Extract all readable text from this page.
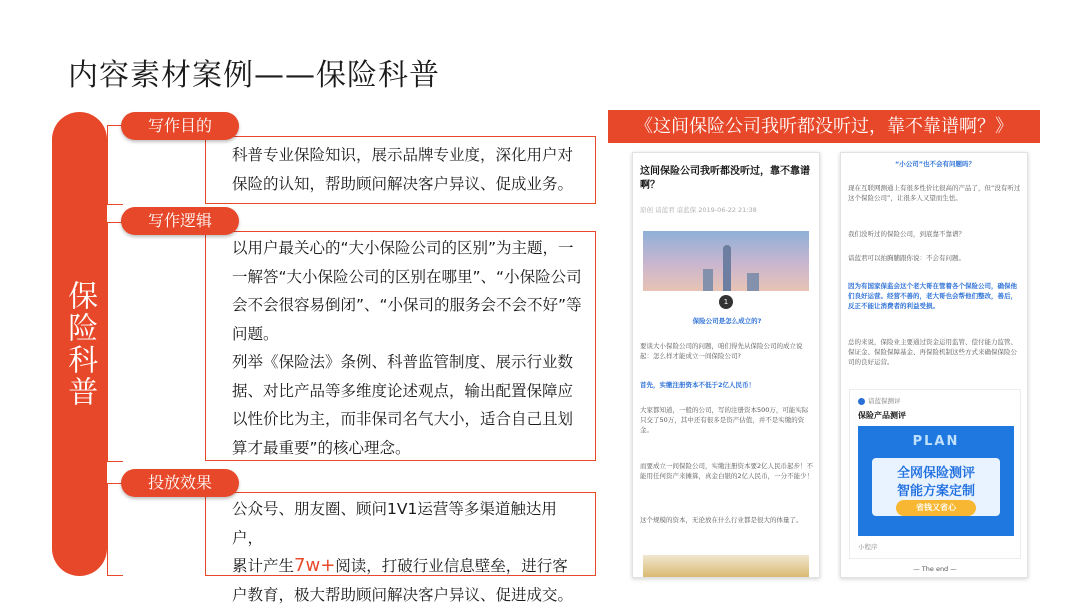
内容素材案例——保险科普
保险科普

科普专业保险知识，展示品牌专业度，深化用户对保险的认知，帮助顾问解决客户异议、促成业务。

写作目的

以用户最关心的“大小保险公司的区别”为主题，一一解答“大小保险公司的区别在哪里”、“小保险公司会不会很容易倒闭”、“小保司的服务会不会不好”等问题。

列举《保险法》条例、科普监管制度、展示行业数据、对比产品等多维度论述观点，输出配置保障应以性价比为主，而非保司名气大小，适合自己且划算才最重要”的核心理念。

写作逻辑

公众号、朋友圈、顾问1V1运营等多渠道触达用户，
累计产生7w+阅读，打破行业信息壁垒，进行客户教育，极大帮助顾问解决客户异议、促进成交。

投放效果
《这间保险公司我听都没听过，靠不靠谱啊？》
这间保险公司我听都没听过，靠不靠谱啊？
原创 谙蓝君 谙蓝保 2019-06-22 21:38
1
保险公司是怎么成立的?
要谈大小保险公司的问题，咱们得先从保险公司的成立说起：怎么样才能成立一间保险公司?
首先，实缴注册资本不低于2亿人民币！
大家都知道，一般的公司，写的注册资本500万，可能实际只交了50万，其中还有很多是资产估值，并不是实缴的资金。
而要成立一间保险公司，实缴注册资本要2亿人民币起步！不能用任何资产来摊算，真金白银的2亿人民币，一分不能少！
这个规模的资本，无论放在什么行业都是很大的体量了。
“小公司”也不会有问题吗？
现在互联网测通上有很多性价比很高的产品了，但“没有听过这个保险公司”，让很多人又望而生怯。
我们没听过的保险公司，到底靠不靠谱？
谙蓝君可以拍胸脯跟你说：不会有问题。
因为有国家保监会这个老大哥在管着各个保险公司，确保他们良好运营。经营不善的，老大哥也会帮他们整改，善后，反正不能让消费者的利益受损。
总的来说，保险业主要通过资金运用监管、偿付能力监管、保证金、保险保障基金、再保险机制这些方式来确保保险公司的良好运营。
谙蓝保测评
保险产品测评
PLAN
全网保险测评
智能方案定制
省钱又省心
小程序
— The end —
